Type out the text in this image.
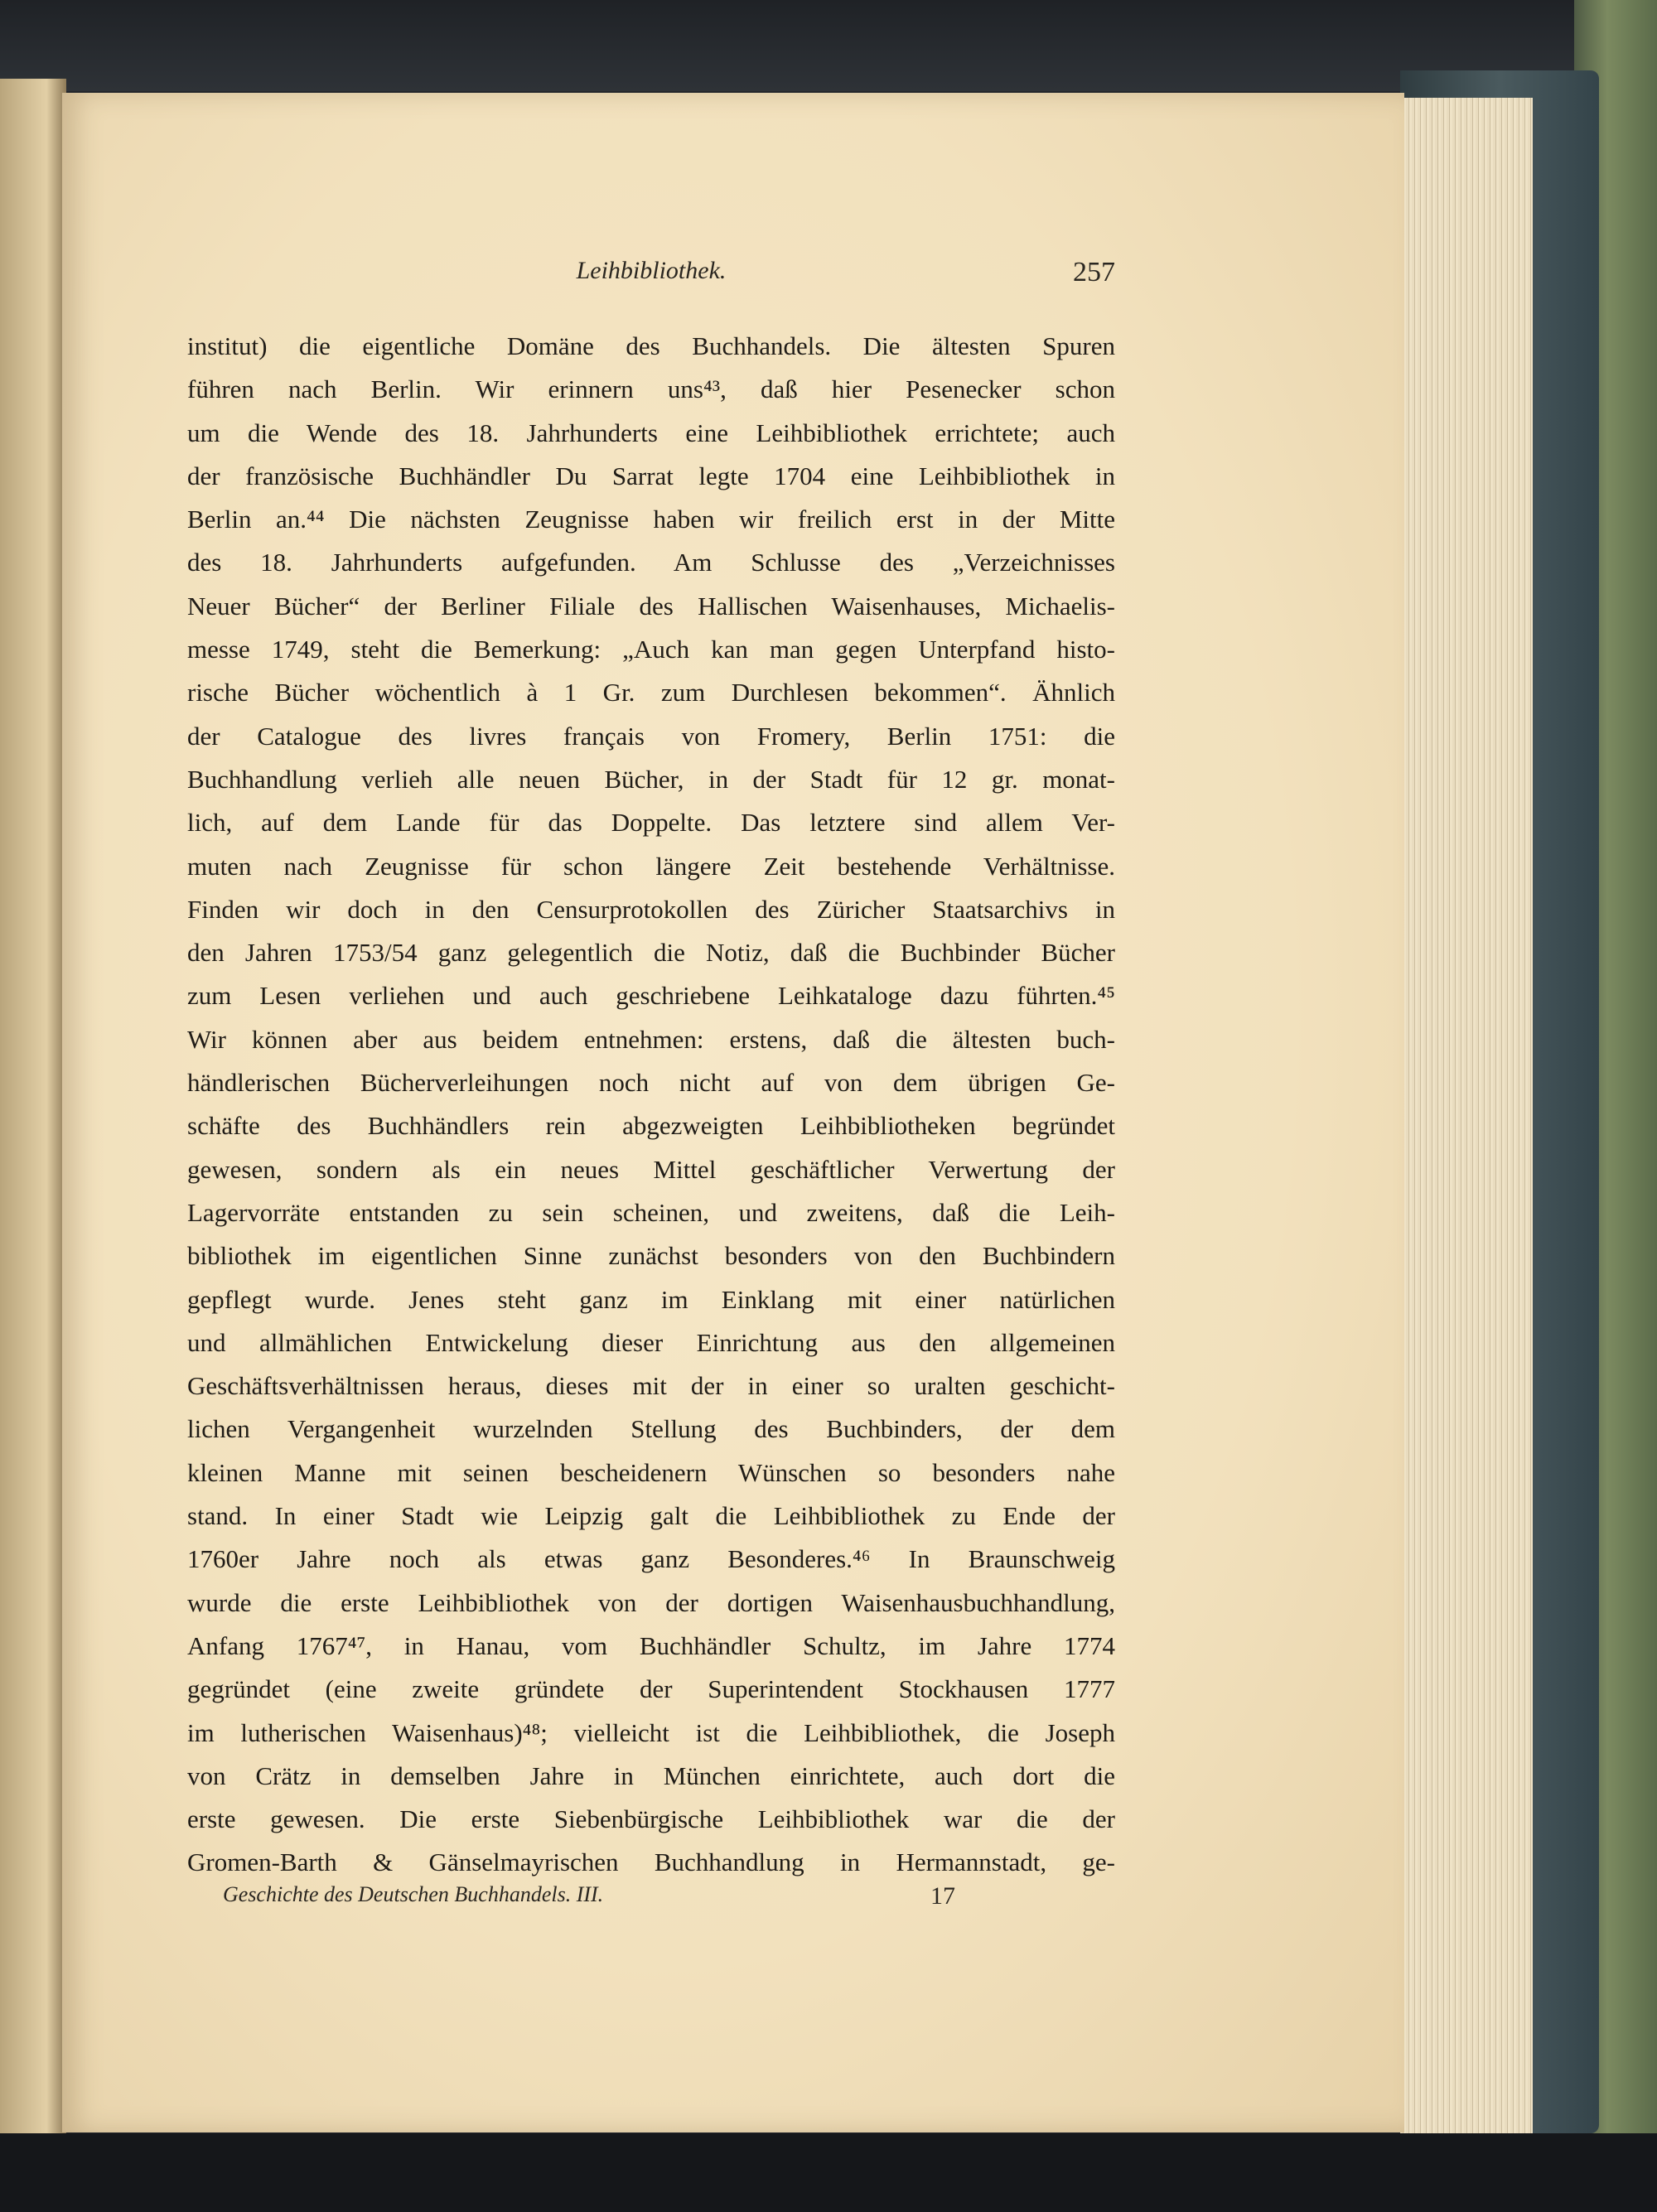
Leihbibliothek.	257
institut) die eigentliche Domäne des Buchhandels. Die ältesten Spuren
führen nach Berlin. Wir erinnern uns⁴³, daß hier Pesenecker schon
um die Wende des 18. Jahrhunderts eine Leihbibliothek errichtete; auch
der französische Buchhändler Du Sarrat legte 1704 eine Leihbibliothek in
Berlin an.⁴⁴ Die nächsten Zeugnisse haben wir freilich erst in der Mitte
des 18. Jahrhunderts aufgefunden. Am Schlusse des „Verzeichnisses
Neuer Bücher“ der Berliner Filiale des Hallischen Waisenhauses, Michaelis-
messe 1749, steht die Bemerkung: „Auch kan man gegen Unterpfand histo-
rische Bücher wöchentlich à 1 Gr. zum Durchlesen bekommen“. Ähnlich
der Catalogue des livres français von Fromery, Berlin 1751: die
Buchhandlung verlieh alle neuen Bücher, in der Stadt für 12 gr. monat-
lich, auf dem Lande für das Doppelte. Das letztere sind allem Ver-
muten nach Zeugnisse für schon längere Zeit bestehende Verhältnisse.
Finden wir doch in den Censurprotokollen des Züricher Staatsarchivs in
den Jahren 1753/54 ganz gelegentlich die Notiz, daß die Buchbinder Bücher
zum Lesen verliehen und auch geschriebene Leihkataloge dazu führten.⁴⁵
Wir können aber aus beidem entnehmen: erstens, daß die ältesten buch-
händlerischen Bücherverleihungen noch nicht auf von dem übrigen Ge-
schäfte des Buchhändlers rein abgezweigten Leihbibliotheken begründet
gewesen, sondern als ein neues Mittel geschäftlicher Verwertung der
Lagervorräte entstanden zu sein scheinen, und zweitens, daß die Leih-
bibliothek im eigentlichen Sinne zunächst besonders von den Buchbindern
gepflegt wurde. Jenes steht ganz im Einklang mit einer natürlichen
und allmählichen Entwickelung dieser Einrichtung aus den allgemeinen
Geschäftsverhältnissen heraus, dieses mit der in einer so uralten geschicht-
lichen Vergangenheit wurzelnden Stellung des Buchbinders, der dem
kleinen Manne mit seinen bescheidenern Wünschen so besonders nahe
stand. In einer Stadt wie Leipzig galt die Leihbibliothek zu Ende der
1760er Jahre noch als etwas ganz Besonderes.⁴⁶ In Braunschweig
wurde die erste Leihbibliothek von der dortigen Waisenhausbuchhandlung,
Anfang 1767⁴⁷, in Hanau, vom Buchhändler Schultz, im Jahre 1774
gegründet (eine zweite gründete der Superintendent Stockhausen 1777
im lutherischen Waisenhaus)⁴⁸; vielleicht ist die Leihbibliothek, die Joseph
von Crätz in demselben Jahre in München einrichtete, auch dort die
erste gewesen. Die erste Siebenbürgische Leihbibliothek war die der
Gromen-Barth & Gänselmayrischen Buchhandlung in Hermannstadt, ge-
Geschichte des Deutschen Buchhandels. III.	17
